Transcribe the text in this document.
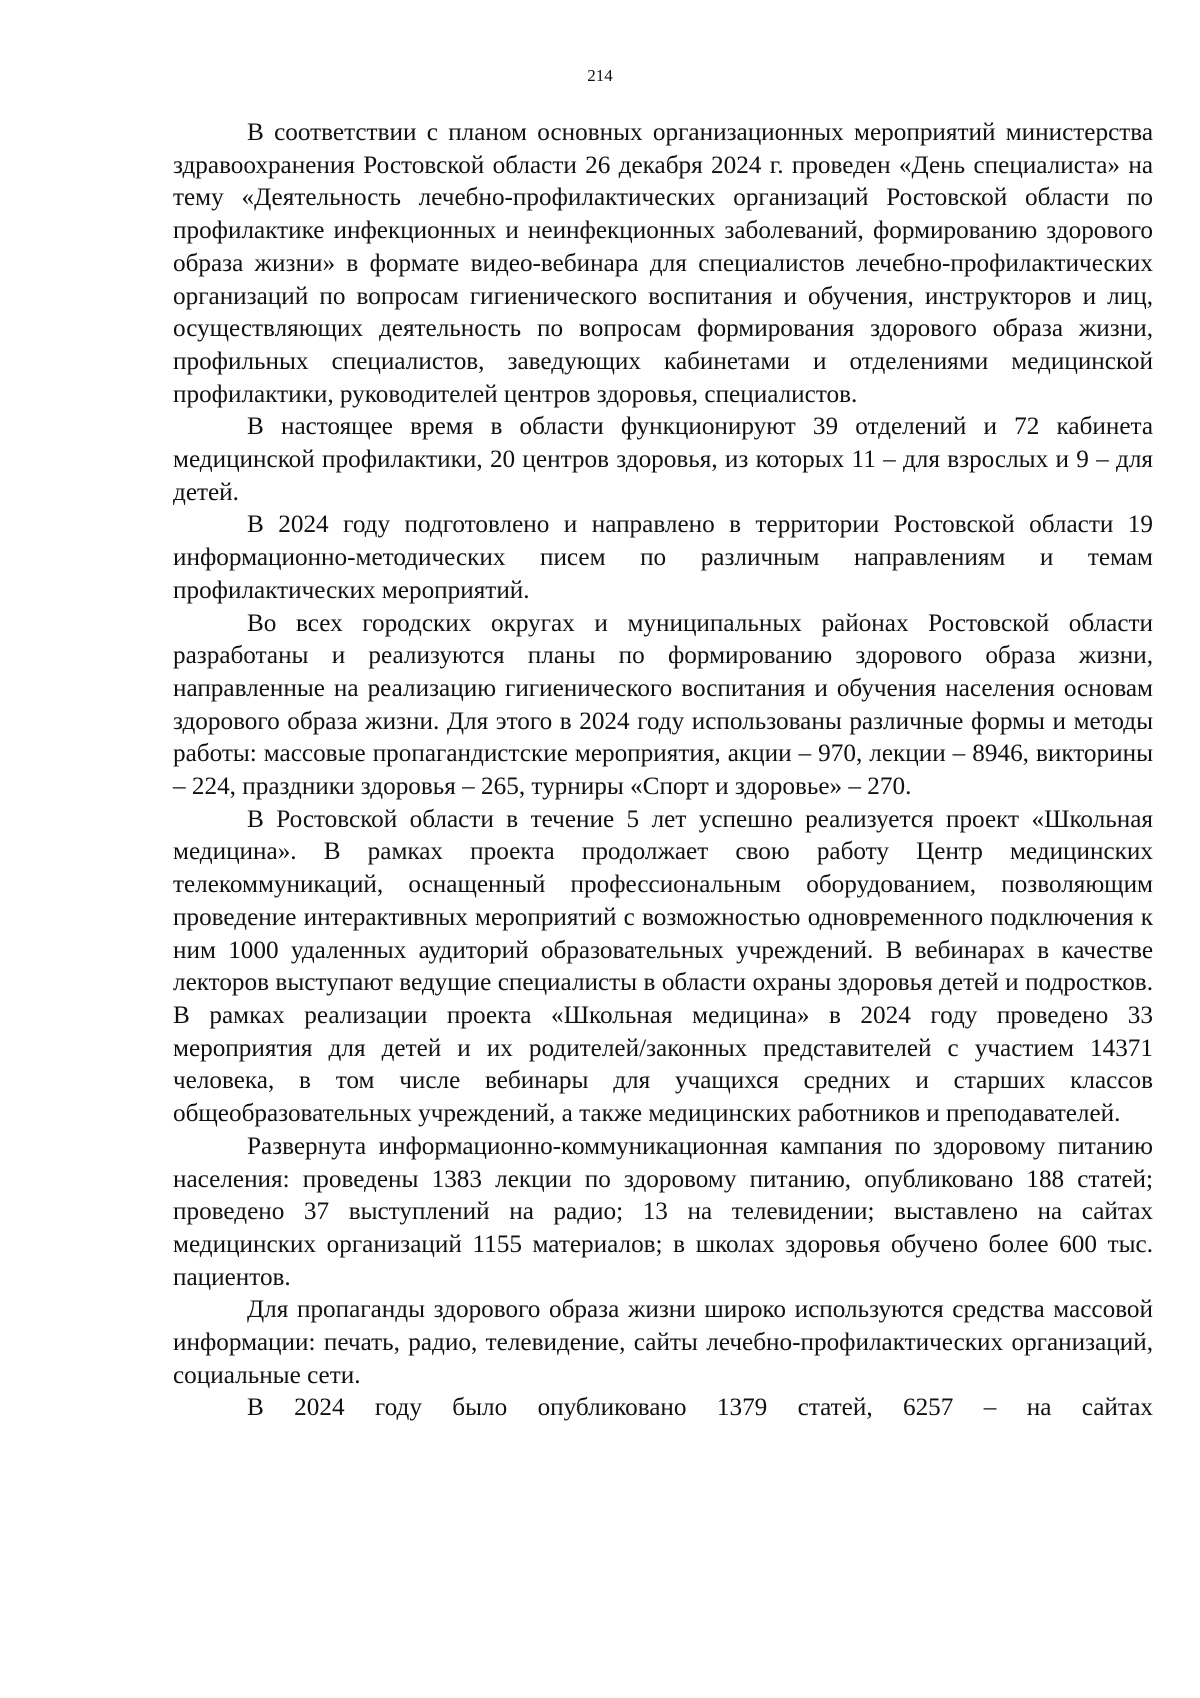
214

В соответствии с планом основных организационных мероприятий министерства здравоохранения Ростовской области 26 декабря 2024 г. проведен «День специалиста» на тему «Деятельность лечебно-профилактических организаций Ростовской области по профилактике инфекционных и неинфекционных заболеваний, формированию здорового образа жизни» в формате видео-вебинара для специалистов лечебно-профилактических организаций по вопросам гигиенического воспитания и обучения, инструкторов и лиц, осуществляющих деятельность по вопросам формирования здорового образа жизни, профильных специалистов, заведующих кабинетами и отделениями медицинской профилактики, руководителей центров здоровья, специалистов.

В настоящее время в области функционируют 39 отделений и 72 кабинета медицинской профилактики, 20 центров здоровья, из которых 11 – для взрослых и 9 – для детей.

В 2024 году подготовлено и направлено в территории Ростовской области 19 информационно-методических писем по различным направлениям и темам профилактических мероприятий.

Во всех городских округах и муниципальных районах Ростовской области разработаны и реализуются планы по формированию здорового образа жизни, направленные на реализацию гигиенического воспитания и обучения населения основам здорового образа жизни. Для этого в 2024 году использованы различные формы и методы работы: массовые пропагандистские мероприятия, акции – 970, лекции – 8946, викторины – 224, праздники здоровья – 265, турниры «Спорт и здоровье» – 270.

В Ростовской области в течение 5 лет успешно реализуется проект «Школьная медицина». В рамках проекта продолжает свою работу Центр медицинских телекоммуникаций, оснащенный профессиональным оборудованием, позволяющим проведение интерактивных мероприятий с возможностью одновременного подключения к ним 1000 удаленных аудиторий образовательных учреждений. В вебинарах в качестве лекторов выступают ведущие специалисты в области охраны здоровья детей и подростков. В рамках реализации проекта «Школьная медицина» в 2024 году проведено 33 мероприятия для детей и их родителей/законных представителей с участием 14371 человека, в том числе вебинары для учащихся средних и старших классов общеобразовательных учреждений, а также медицинских работников и преподавателей.

Развернута информационно-коммуникационная кампания по здоровому питанию населения: проведены 1383 лекции по здоровому питанию, опубликовано 188 статей; проведено 37 выступлений на радио; 13 на телевидении; выставлено на сайтах медицинских организаций 1155 материалов; в школах здоровья обучено более 600 тыс. пациентов.

Для пропаганды здорового образа жизни широко используются средства массовой информации: печать, радио, телевидение, сайты лечебно-профилактических организаций, социальные сети.

В 2024 году было опубликовано 1379 статей, 6257 – на сайтах
